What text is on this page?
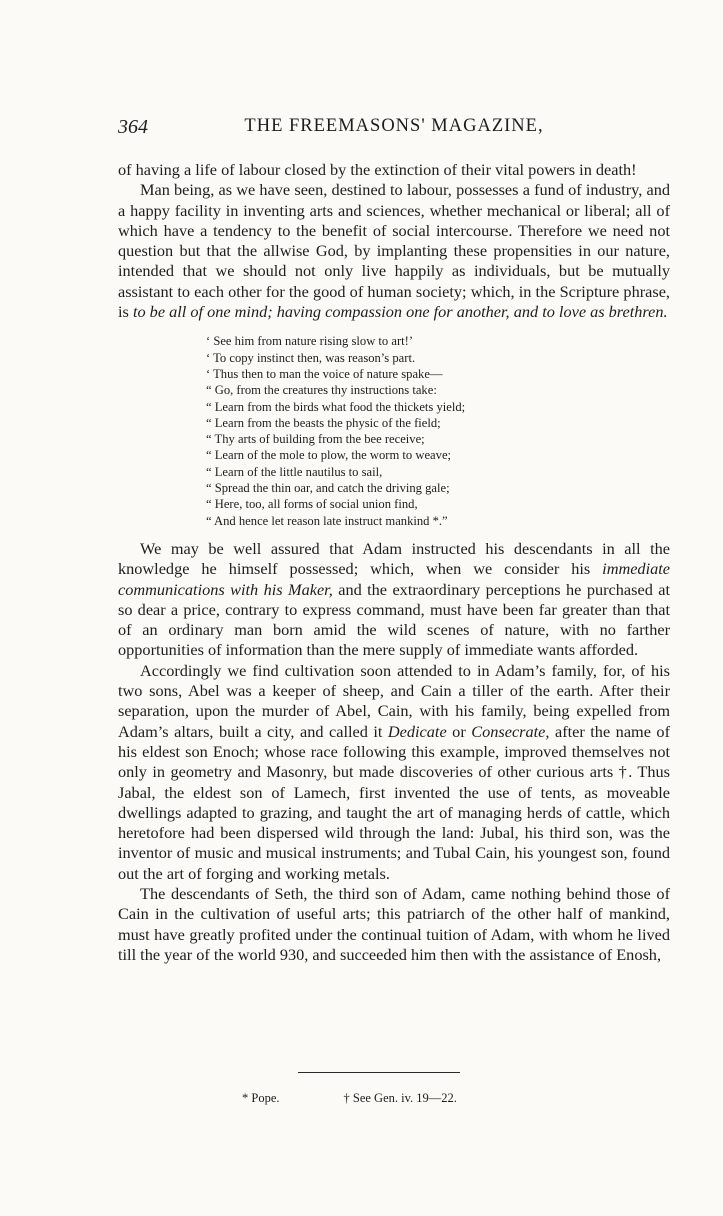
364	THE FREEMASONS' MAGAZINE,

of having a life of labour closed by the extinction of their vital powers in death!

Man being, as we have seen, destined to labour, possesses a fund of industry, and a happy facility in inventing arts and sciences, whether mechanical or liberal; all of which have a tendency to the benefit of social intercourse. Therefore we need not question but that the allwise God, by implanting these propensities in our nature, intended that we should not only live happily as individuals, but be mutually assistant to each other for the good of human society; which, in the Scripture phrase, is to be all of one mind; having compassion one for another, and to love as brethren.

‘ See him from nature rising slow to art!’
‘ To copy instinct then, was reason’s part.
‘ Thus then to man the voice of nature spake—
“ Go, from the creatures thy instructions take:
“ Learn from the birds what food the thickets yield;
“ Learn from the beasts the physic of the field;
“ Thy arts of building from the bee receive;
“ Learn of the mole to plow, the worm to weave;
“ Learn of the little nautilus to sail,
“ Spread the thin oar, and catch the driving gale;
“ Here, too, all forms of social union find,
“ And hence let reason late instruct mankind *.”

We may be well assured that Adam instructed his descendants in all the knowledge he himself possessed; which, when we consider his immediate communications with his Maker, and the extraordinary perceptions he purchased at so dear a price, contrary to express command, must have been far greater than that of an ordinary man born amid the wild scenes of nature, with no farther opportunities of information than the mere supply of immediate wants afforded.

Accordingly we find cultivation soon attended to in Adam’s family, for, of his two sons, Abel was a keeper of sheep, and Cain a tiller of the earth. After their separation, upon the murder of Abel, Cain, with his family, being expelled from Adam’s altars, built a city, and called it Dedicate or Consecrate, after the name of his eldest son Enoch; whose race following this example, improved themselves not only in geometry and Masonry, but made discoveries of other curious arts †. Thus Jabal, the eldest son of Lamech, first invented the use of tents, as moveable dwellings adapted to grazing, and taught the art of managing herds of cattle, which heretofore had been dispersed wild through the land: Jubal, his third son, was the inventor of music and musical instruments; and Tubal Cain, his youngest son, found out the art of forging and working metals.

The descendants of Seth, the third son of Adam, came nothing behind those of Cain in the cultivation of useful arts; this patriarch of the other half of mankind, must have greatly profited under the continual tuition of Adam, with whom he lived till the year of the world 930, and succeeded him then with the assistance of Enosh,

* Pope.	† See Gen. iv. 19—22.
